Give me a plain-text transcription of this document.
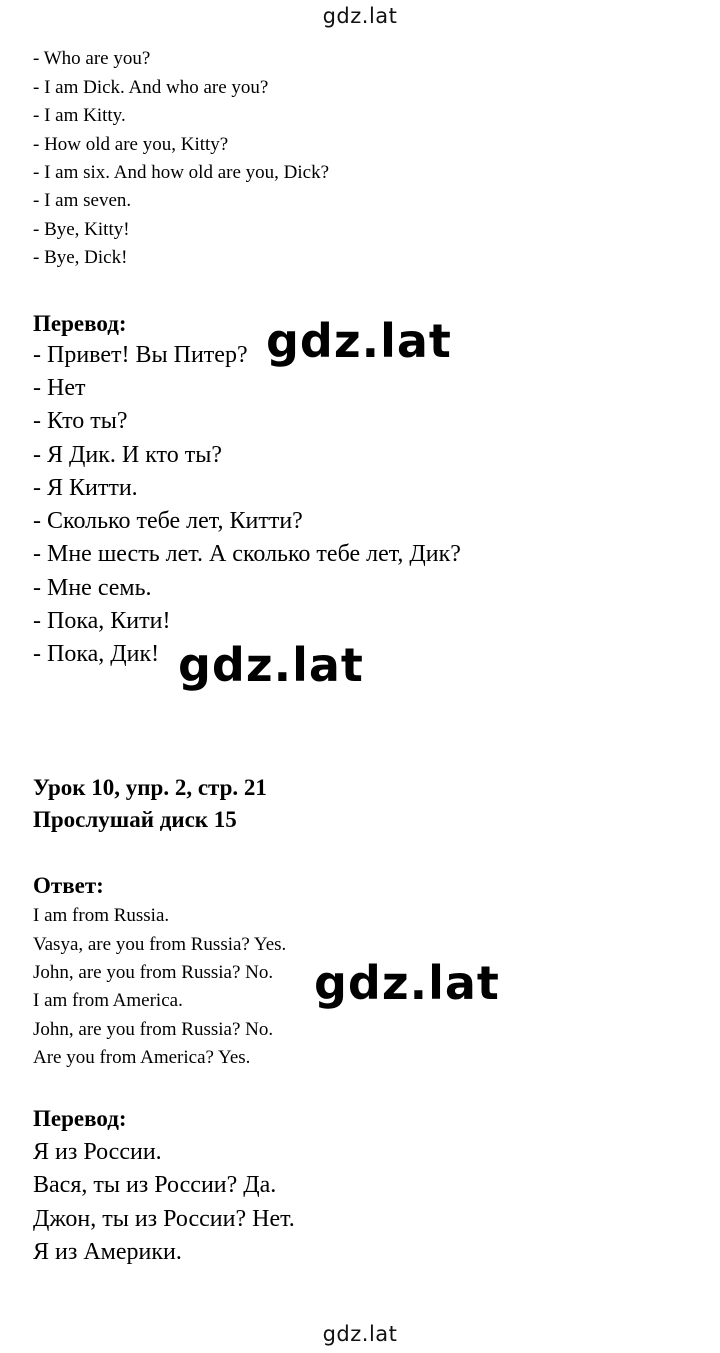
gdz.lat
- Who are you?
- I am Dick. And who are you?
- I am Kitty.
- How old are you, Kitty?
- I am six. And how old are you, Dick?
- I am seven.
- Bye, Kitty!
- Bye, Dick!
Перевод:
- Привет! Вы Питер?
- Нет
- Кто ты?
- Я Дик. И кто ты?
- Я Китти.
- Сколько тебе лет, Китти?
- Мне шесть лет. А сколько тебе лет, Дик?
- Мне семь.
- Пока, Кити!
- Пока, Дик!
gdz.lat
gdz.lat
gdz.lat
Урок 10, упр. 2, стр. 21
Прослушай диск 15
Ответ:
I am from Russia.
Vasya, are you from Russia? Yes.
John, are you from Russia? No.
I am from America.
John, are you from Russia? No.
Are you from America? Yes.
Перевод:
Я из России.
Вася, ты из России? Да.
Джон, ты из России? Нет.
Я из Америки.
gdz.lat
